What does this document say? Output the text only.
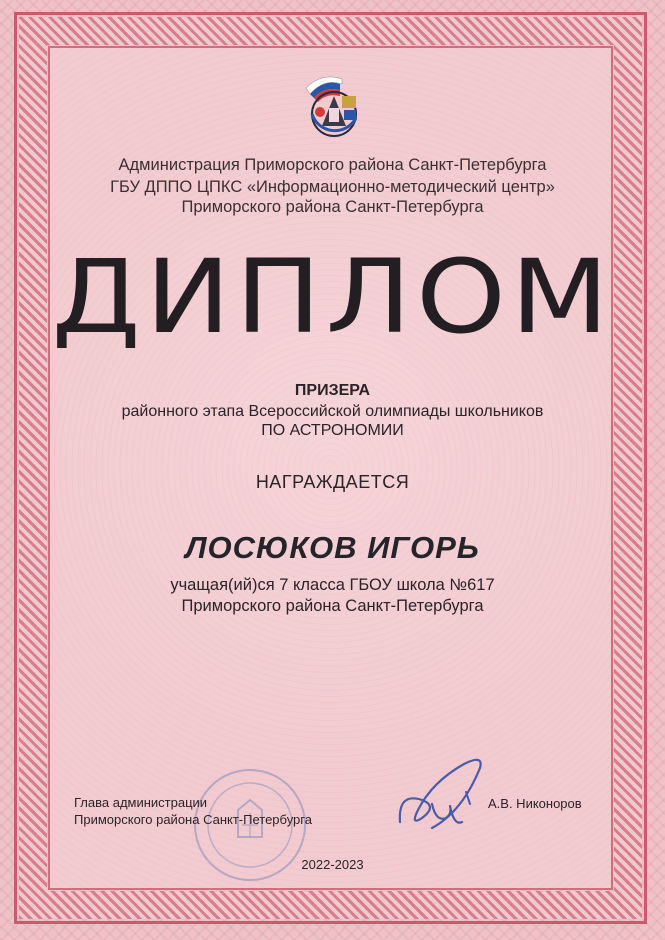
Администрация Приморского района Санкт-Петербурга
ГБУ ДППО ЦПКС «Информационно-методический центр»
Приморского района Санкт-Петербурга
ДИПЛОМ
ПРИЗЕРА
районного этапа Всероссийской олимпиады школьников
ПО АСТРОНОМИИ
НАГРАЖДАЕТСЯ
ЛОСЮКОВ ИГОРЬ
учащая(ий)ся 7 класса ГБОУ школа №617
Приморского района Санкт-Петербурга
Глава администрации
Приморского района Санкт-Петербурга
А.В. Никоноров
2022-2023
